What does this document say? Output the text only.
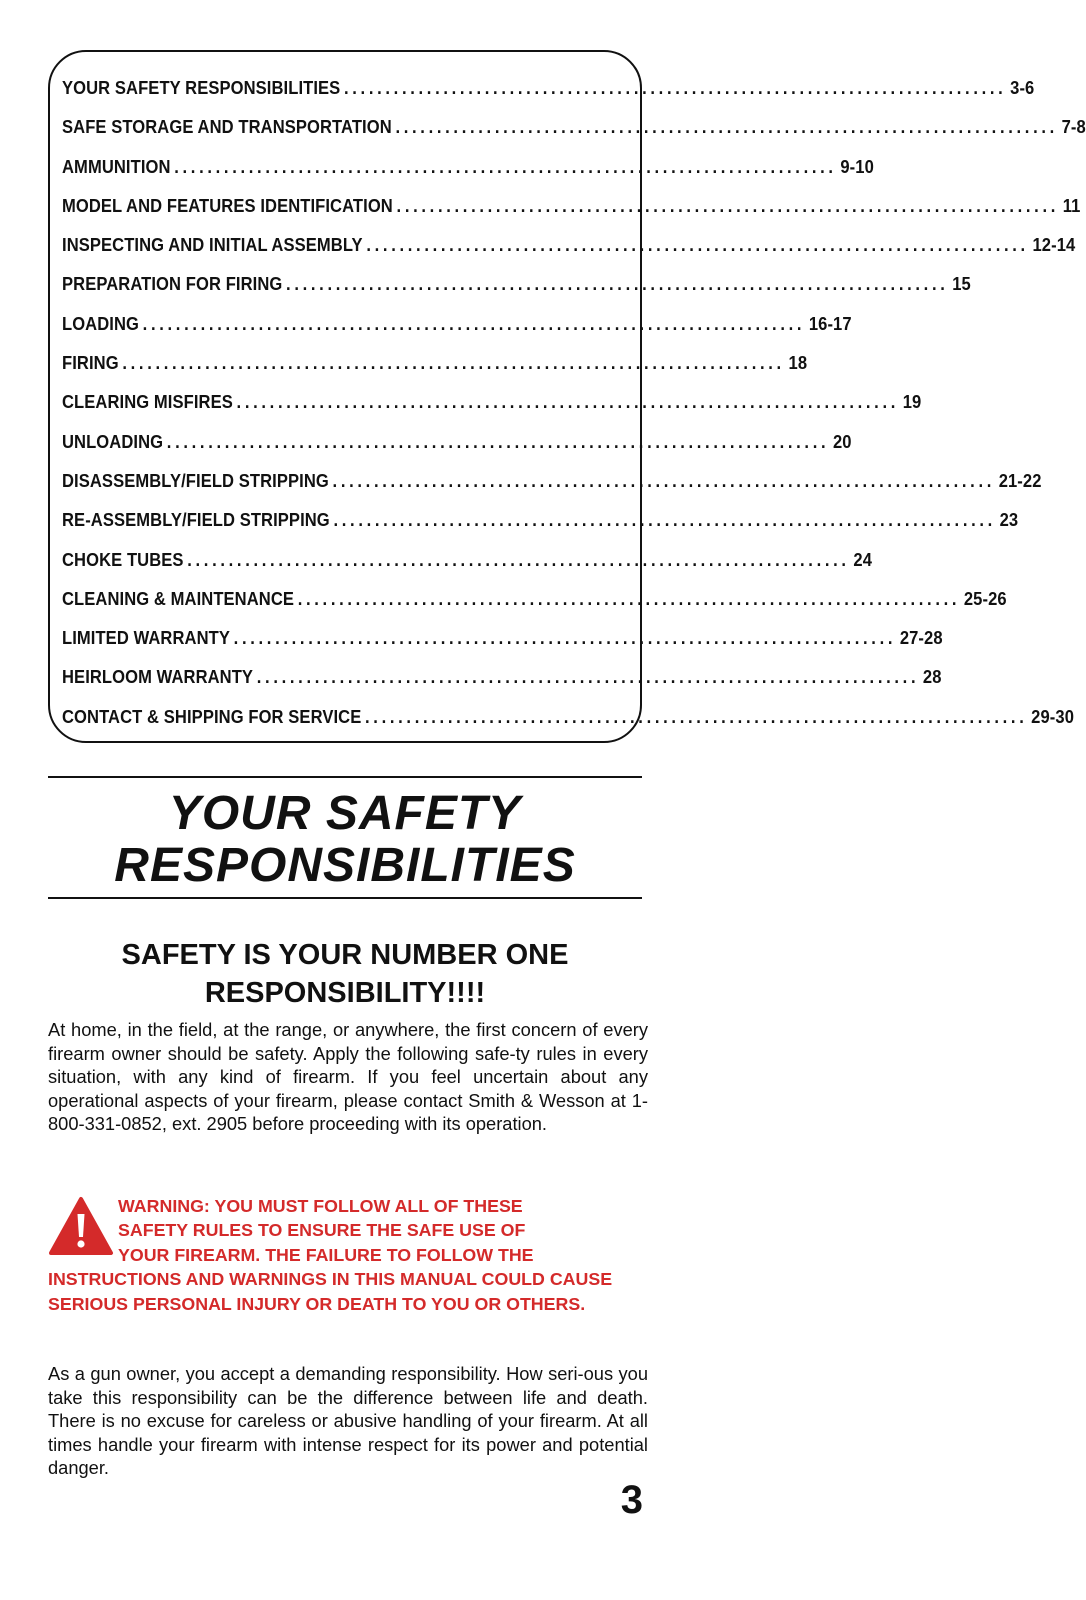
YOUR SAFETY RESPONSIBILITIES ................................................................................ 3-6
SAFE STORAGE AND TRANSPORTATION ................................................................................ 7-8
AMMUNITION ................................................................................ 9-10
MODEL AND FEATURES IDENTIFICATION ................................................................................ 11
INSPECTING AND INITIAL ASSEMBLY ................................................................................ 12-14
PREPARATION FOR FIRING ................................................................................ 15
LOADING ................................................................................ 16-17
FIRING ................................................................................ 18
CLEARING MISFIRES ................................................................................ 19
UNLOADING ................................................................................ 20
DISASSEMBLY/FIELD STRIPPING ................................................................................ 21-22
RE-ASSEMBLY/FIELD STRIPPING ................................................................................ 23
CHOKE TUBES ................................................................................ 24
CLEANING & MAINTENANCE ................................................................................ 25-26
LIMITED WARRANTY ................................................................................ 27-28
HEIRLOOM WARRANTY ................................................................................ 28
CONTACT & SHIPPING FOR SERVICE ................................................................................ 29-30
YOUR SAFETY
RESPONSIBILITIES
SAFETY IS YOUR NUMBER ONE
RESPONSIBILITY!!!!
At home, in the field, at the range, or anywhere, the first concern of every firearm owner should be safety. Apply the following safe-ty rules in every situation, with any kind of firearm. If you feel uncertain about any operational aspects of your firearm, please contact Smith & Wesson at 1-800-331-0852, ext. 2905 before proceeding with its operation.
WARNING: YOU MUST FOLLOW ALL OF THESE
SAFETY RULES TO ENSURE THE SAFE USE OF
YOUR FIREARM. THE FAILURE TO FOLLOW THE
INSTRUCTIONS AND WARNINGS IN THIS MANUAL COULD CAUSE SERIOUS PERSONAL INJURY OR DEATH TO YOU OR OTHERS.
As a gun owner, you accept a demanding responsibility. How seri-ous you take this responsibility can be the difference between life and death. There is no excuse for careless or abusive handling of your firearm. At all times handle your firearm with intense respect for its power and potential danger.
3
